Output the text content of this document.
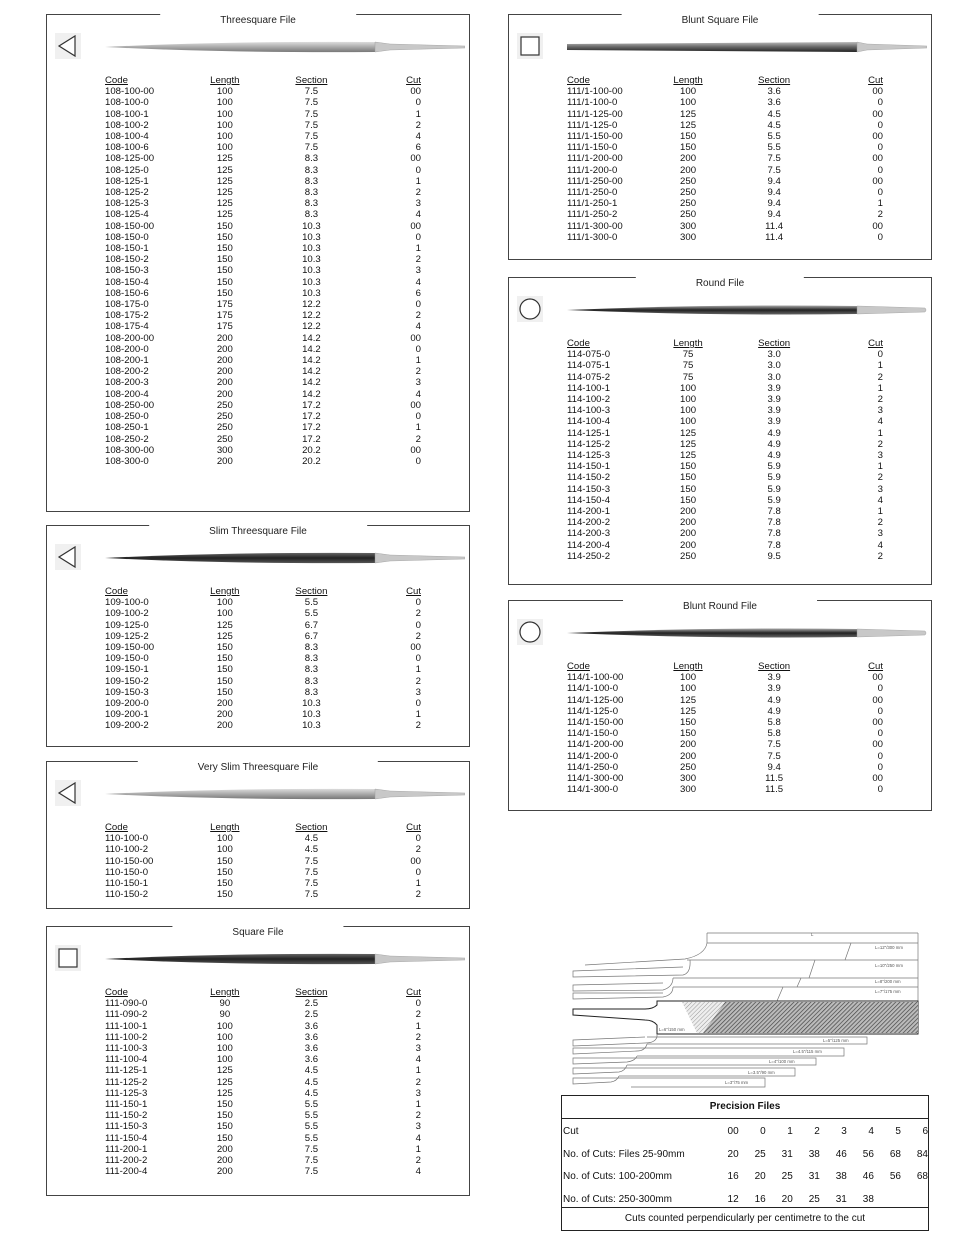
Threesquare File
Code	Length	Section	Cut
108-100-00	100	7.5	00
108-100-0	100	7.5	0
108-100-1	100	7.5	1
108-100-2	100	7.5	2
108-100-4	100	7.5	4
108-100-6	100	7.5	6
108-125-00	125	8.3	00
108-125-0	125	8.3	0
108-125-1	125	8.3	1
108-125-2	125	8.3	2
108-125-3	125	8.3	3
108-125-4	125	8.3	4
108-150-00	150	10.3	00
108-150-0	150	10.3	0
108-150-1	150	10.3	1
108-150-2	150	10.3	2
108-150-3	150	10.3	3
108-150-4	150	10.3	4
108-150-6	150	10.3	6
108-175-0	175	12.2	0
108-175-2	175	12.2	2
108-175-4	175	12.2	4
108-200-00	200	14.2	00
108-200-0	200	14.2	0
108-200-1	200	14.2	1
108-200-2	200	14.2	2
108-200-3	200	14.2	3
108-200-4	200	14.2	4
108-250-00	250	17.2	00
108-250-0	250	17.2	0
108-250-1	250	17.2	1
108-250-2	250	17.2	2
108-300-00	300	20.2	00
108-300-0	200	20.2	0
Slim Threesquare File
Code	Length	Section	Cut
109-100-0	100	5.5	0
109-100-2	100	5.5	2
109-125-0	125	6.7	0
109-125-2	125	6.7	2
109-150-00	150	8.3	00
109-150-0	150	8.3	0
109-150-1	150	8.3	1
109-150-2	150	8.3	2
109-150-3	150	8.3	3
109-200-0	200	10.3	0
109-200-1	200	10.3	1
109-200-2	200	10.3	2
Very Slim Threesquare File
Code	Length	Section	Cut
110-100-0	100	4.5	0
110-100-2	100	4.5	2
110-150-00	150	7.5	00
110-150-0	150	7.5	0
110-150-1	150	7.5	1
110-150-2	150	7.5	2
Square File
Code	Length	Section	Cut
111-090-0	90	2.5	0
111-090-2	90	2.5	2
111-100-1	100	3.6	1
111-100-2	100	3.6	2
111-100-3	100	3.6	3
111-100-4	100	3.6	4
111-125-1	125	4.5	1
111-125-2	125	4.5	2
111-125-3	125	4.5	3
111-150-1	150	5.5	1
111-150-2	150	5.5	2
111-150-3	150	5.5	3
111-150-4	150	5.5	4
111-200-1	200	7.5	1
111-200-2	200	7.5	2
111-200-4	200	7.5	4
Blunt Square File
Code	Length	Section	Cut
111/1-100-00	100	3.6	00
111/1-100-0	100	3.6	0
111/1-125-00	125	4.5	00
111/1-125-0	125	4.5	0
111/1-150-00	150	5.5	00
111/1-150-0	150	5.5	0
111/1-200-00	200	7.5	00
111/1-200-0	200	7.5	0
111/1-250-00	250	9.4	00
111/1-250-0	250	9.4	0
111/1-250-1	250	9.4	1
111/1-250-2	250	9.4	2
111/1-300-00	300	11.4	00
111/1-300-0	300	11.4	0
Round File
Code	Length	Section	Cut
114-075-0	75	3.0	0
114-075-1	75	3.0	1
114-075-2	75	3.0	2
114-100-1	100	3.9	1
114-100-2	100	3.9	2
114-100-3	100	3.9	3
114-100-4	100	3.9	4
114-125-1	125	4.9	1
114-125-2	125	4.9	2
114-125-3	125	4.9	3
114-150-1	150	5.9	1
114-150-2	150	5.9	2
114-150-3	150	5.9	3
114-150-4	150	5.9	4
114-200-1	200	7.8	1
114-200-2	200	7.8	2
114-200-3	200	7.8	3
114-200-4	200	7.8	4
114-250-2	250	9.5	2
Blunt Round File
Code	Length	Section	Cut
114/1-100-00	100	3.9	00
114/1-100-0	100	3.9	0
114/1-125-00	125	4.9	00
114/1-125-0	125	4.9	0
114/1-150-00	150	5.8	00
114/1-150-0	150	5.8	0
114/1-200-00	200	7.5	00
114/1-200-0	200	7.5	0
114/1-250-0	250	9.4	0
114/1-300-00	300	11.5	00
114/1-300-0	300	11.5	0
L
L=12"/300 mm
L=10"/250 mm
L=8"/200 mm
L=7"/175 mm
L=6"/150 mm
L=5"/125 mm
L=4.5"/115 mm
L=4"/100 mm
L=3.5"/90 mm
L=3"/75 mm
Precision Files
Cut	00	0	1	2	3	4	5	6
No. of Cuts: Files 25-90mm	20	25	31	38	46	56	68	84
No. of Cuts: 100-200mm	16	20	25	31	38	46	56	68
No. of Cuts: 250-300mm	12	16	20	25	31	38
Cuts counted perpendicularly per centimetre to the cut
